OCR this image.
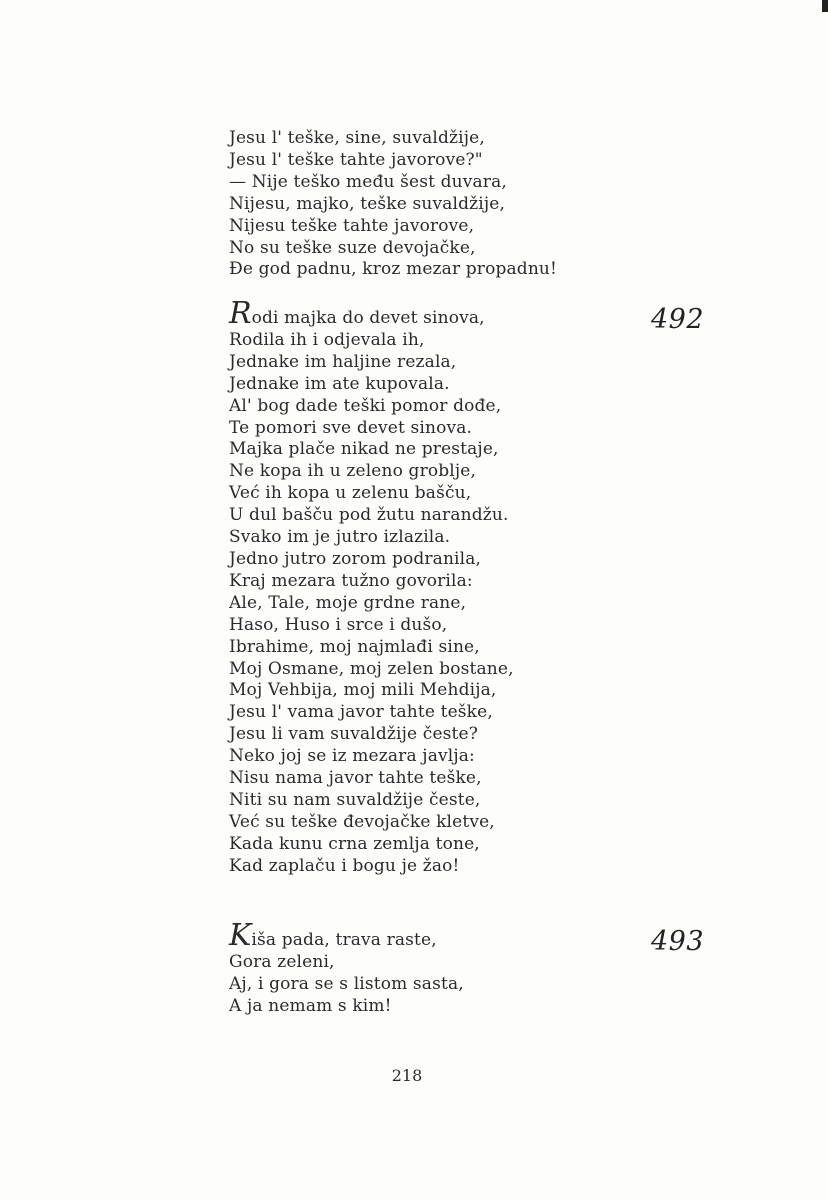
Jesu l' teške, sine, suvaldžije,
Jesu l' teške tahte javorove?"
— Nije teško među šest duvara,
Nijesu, majko, teške suvaldžije,
Nijesu teške tahte javorove,
No su teške suze devojačke,
Đe god padnu, kroz mezar propadnu!
Rodi majka do devet sinova,
Rodila ih i odjevala ih,
Jednake im haljine rezala,
Jednake im ate kupovala.
Al' bog dade teški pomor dođe,
Te pomori sve devet sinova.
Majka plače nikad ne prestaje,
Ne kopa ih u zeleno groblje,
Već ih kopa u zelenu bašču,
U dul bašču pod žutu narandžu.
Svako im je jutro izlazila.
Jedno jutro zorom podranila,
Kraj mezara tužno govorila:
Ale, Tale, moje grdne rane,
Haso, Huso i srce i dušo,
Ibrahime, moj najmlađi sine,
Moj Osmane, moj zelen bostane,
Moj Vehbija, moj mili Mehdija,
Jesu l' vama javor tahte teške,
Jesu li vam suvaldžije česte?
Neko joj se iz mezara javlja:
Nisu nama javor tahte teške,
Niti su nam suvaldžije česte,
Već su teške đevojačke kletve,
Kada kunu crna zemlja tone,
Kad zaplaču i bogu je žao!
492
Kiša pada, trava raste,
Gora zeleni,
Aj, i gora se s listom sasta,
A ja nemam s kim!
493
218
